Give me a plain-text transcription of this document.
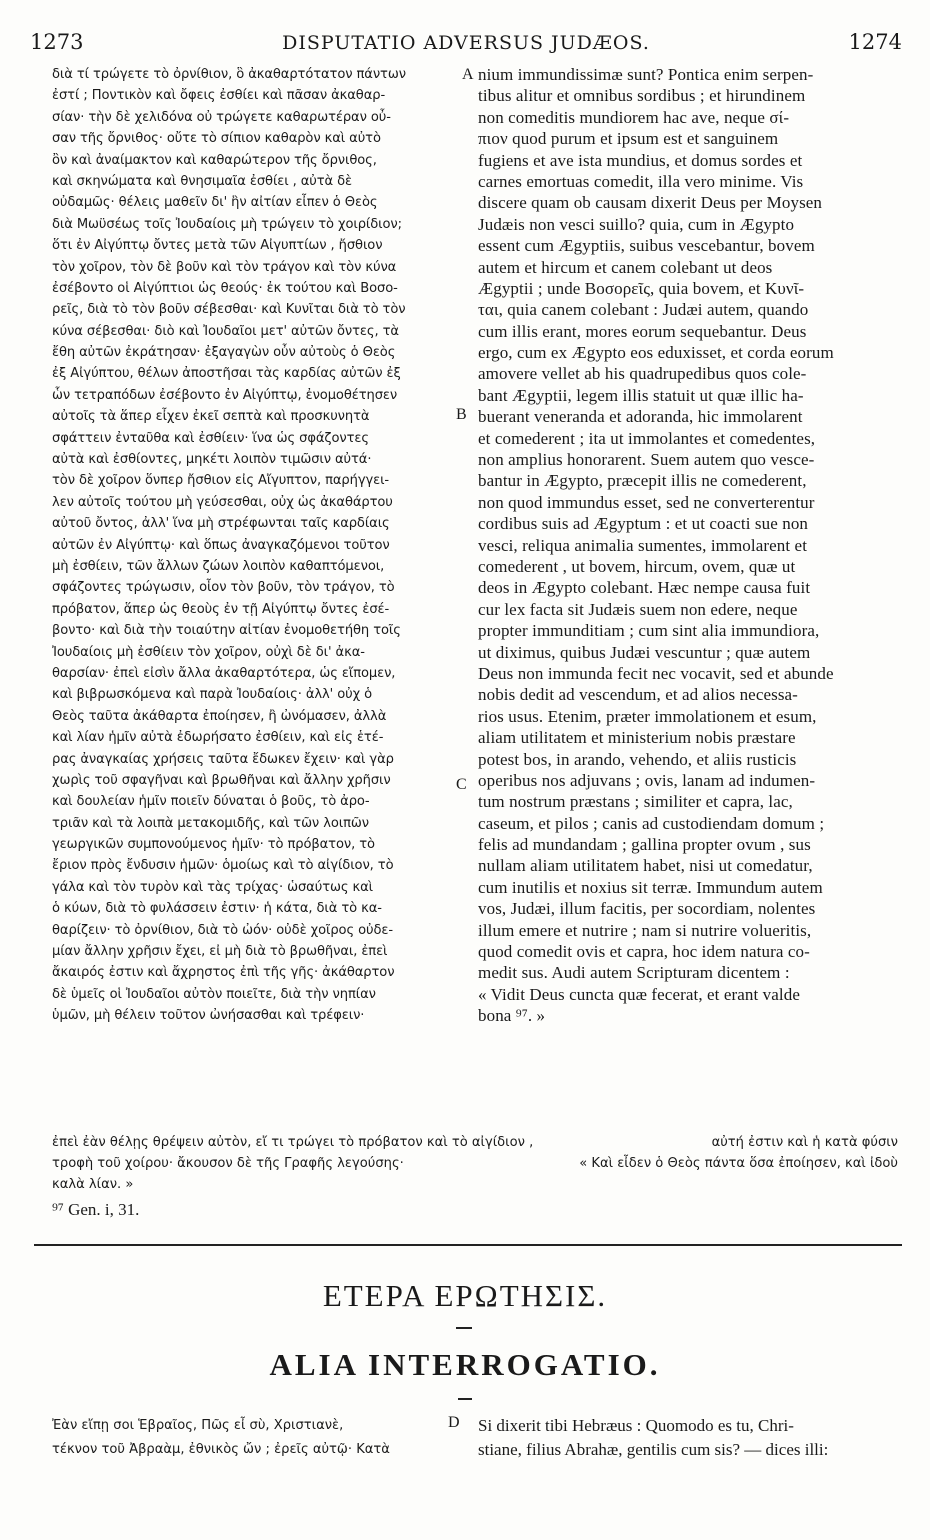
1273	DISPUTATIO ADVERSUS JUDÆOS.	1274
διὰ τί τρώγετε τὸ ὀρνίθιον, ὃ ἀκαθαρτότατον πάντων
ἐστί ; Ποντικὸν καὶ ὄφεις ἐσθίει καὶ πᾶσαν ἀκαθαρ-
σίαν· τὴν δὲ χελιδόνα οὐ τρώγετε καθαρωτέραν οὖ-
σαν τῆς ὄρνιθος· οὔτε τὸ σίπιον καθαρὸν καὶ αὐτὸ
ὂν καὶ ἀναίμακτον καὶ καθαρώτερον τῆς ὄρνιθος,
καὶ σκηνώματα καὶ θνησιμαῖα ἐσθίει , αὐτὰ δὲ
οὐδαμῶς· θέλεις μαθεῖν δι' ἣν αἰτίαν εἶπεν ὁ Θεὸς
διὰ Μωϋσέως τοῖς Ἰουδαίοις μὴ τρώγειν τὸ χοιρίδιον;
ὅτι ἐν Αἰγύπτῳ ὄντες μετὰ τῶν Αἰγυπτίων , ἤσθιον
τὸν χοῖρον, τὸν δὲ βοῦν καὶ τὸν τράγον καὶ τὸν κύνα
ἐσέβοντο οἱ Αἰγύπτιοι ὡς θεούς· ἐκ τούτου καὶ Βοσο-
ρεῖς, διὰ τὸ τὸν βοῦν σέβεσθαι· καὶ Κυνῖται διὰ τὸ τὸν
κύνα σέβεσθαι· διὸ καὶ Ἰουδαῖοι μετ' αὐτῶν ὄντες, τὰ
ἔθη αὐτῶν ἐκράτησαν· ἐξαγαγὼν οὖν αὐτοὺς ὁ Θεὸς
ἐξ Αἰγύπτου, θέλων ἀποστῆσαι τὰς καρδίας αὐτῶν ἐξ
ὧν τετραπόδων ἐσέβοντο ἐν Αἰγύπτῳ, ἐνομοθέτησεν
αὐτοῖς τὰ ἅπερ εἶχεν ἐκεῖ σεπτὰ καὶ προσκυνητὰ
σφάττειν ἐνταῦθα καὶ ἐσθίειν· ἵνα ὡς σφάζοντες
αὐτὰ καὶ ἐσθίοντες, μηκέτι λοιπὸν τιμῶσιν αὐτά·
τὸν δὲ χοῖρον ὅνπερ ἤσθιον εἰς Αἴγυπτον, παρήγγει-
λεν αὐτοῖς τούτου μὴ γεύσεσθαι, οὐχ ὡς ἀκαθάρτου
αὐτοῦ ὄντος, ἀλλ' ἵνα μὴ στρέφωνται ταῖς καρδίαις
αὐτῶν ἐν Αἰγύπτῳ· καὶ ὅπως ἀναγκαζόμενοι τοῦτον
μὴ ἐσθίειν, τῶν ἄλλων ζώων λοιπὸν καθαπτόμενοι,
σφάζοντες τρώγωσιν, οἷον τὸν βοῦν, τὸν τράγον, τὸ
πρόβατον, ἅπερ ὡς θεοὺς ἐν τῇ Αἰγύπτῳ ὄντες ἐσέ-
βοντο· καὶ διὰ τὴν τοιαύτην αἰτίαν ἐνομοθετήθη τοῖς
Ἰουδαίοις μὴ ἐσθίειν τὸν χοῖρον, οὐχὶ δὲ δι' ἀκα-
θαρσίαν· ἐπεὶ εἰσὶν ἄλλα ἀκαθαρτότερα, ὡς εἴπομεν,
καὶ βιβρωσκόμενα καὶ παρὰ Ἰουδαίοις· ἀλλ' οὐχ ὁ
Θεὸς ταῦτα ἀκάθαρτα ἐποίησεν, ἢ ὠνόμασεν, ἀλλὰ
καὶ λίαν ἡμῖν αὐτὰ ἐδωρήσατο ἐσθίειν, καὶ εἰς ἑτέ-
ρας ἀναγκαίας χρήσεις ταῦτα ἔδωκεν ἔχειν· καὶ γὰρ
χωρὶς τοῦ σφαγῆναι καὶ βρωθῆναι καὶ ἄλλην χρῆσιν
καὶ δουλείαν ἡμῖν ποιεῖν δύναται ὁ βοῦς, τὸ ἀρο-
τριᾶν καὶ τὰ λοιπὰ μετακομιδῆς, καὶ τῶν λοιπῶν
γεωργικῶν συμπονούμενος ἡμῖν· τὸ πρόβατον, τὸ
ἔριον πρὸς ἔνδυσιν ἡμῶν· ὁμοίως καὶ τὸ αἰγίδιον, τὸ
γάλα καὶ τὸν τυρὸν καὶ τὰς τρίχας· ὡσαύτως καὶ
ὁ κύων, διὰ τὸ φυλάσσειν ἐστιν· ἡ κάτα, διὰ τὸ κα-
θαρίζειν· τὸ ὀρνίθιον, διὰ τὸ ὠόν· οὐδὲ χοῖρος οὐδε-
μίαν ἄλλην χρῆσιν ἔχει, εἰ μὴ διὰ τὸ βρωθῆναι, ἐπεὶ
ἄκαιρός ἐστιν καὶ ἄχρηστος ἐπὶ τῆς γῆς· ἀκάθαρτον
δὲ ὑμεῖς οἱ Ἰουδαῖοι αὐτὸν ποιεῖτε, διὰ τὴν νηπίαν
ὑμῶν, μὴ θέλειν τοῦτον ὠνήσασθαι καὶ τρέφειν·
nium immundissimæ sunt? Pontica enim serpen-
tibus alitur et omnibus sordibus ; et hirundinem
non comeditis mundiorem hac ave, neque σί-
πιον quod purum et ipsum est et sanguinem
fugiens et ave ista mundius, et domus sordes et
carnes emortuas comedit, illa vero minime. Vis
discere quam ob causam dixerit Deus per Moysen
Judæis non vesci suillo? quia, cum in Ægypto
essent cum Ægyptiis, suibus vescebantur, bovem
autem et hircum et canem colebant ut deos
Ægyptii ; unde Βοσορεῖς, quia bovem, et Κυνῖ-
ται, quia canem colebant : Judæi autem, quando
cum illis erant, mores eorum sequebantur. Deus
ergo, cum ex Ægypto eos eduxisset, et corda eorum
amovere vellet ab his quadrupedibus quos cole-
bant Ægyptii, legem illis statuit ut quæ illic ha-
buerant veneranda et adoranda, hic immolarent
et comederent ; ita ut immolantes et comedentes,
non amplius honorarent. Suem autem quo vesce-
bantur in Ægypto, præcepit illis ne comederent,
non quod immundus esset, sed ne converterentur
cordibus suis ad Ægyptum : et ut coacti sue non
vesci, reliqua animalia sumentes, immolarent et
comederent , ut bovem, hircum, ovem, quæ ut
deos in Ægypto colebant. Hæc nempe causa fuit
cur lex facta sit Judæis suem non edere, neque
propter immunditiam ; cum sint alia immundiora,
ut diximus, quibus Judæi vescuntur ; quæ autem
Deus non immunda fecit nec vocavit, sed et abunde
nobis dedit ad vescendum, et ad alios necessa-
rios usus. Etenim, præter immolationem et esum,
aliam utilitatem et ministerium nobis præstare
potest bos, in arando, vehendo, et aliis rusticis
operibus nos adjuvans ; ovis, lanam ad indumen-
tum nostrum præstans ; similiter et capra, lac,
caseum, et pilos ; canis ad custodiendam domum ;
felis ad mundandam ; gallina propter ovum , sus
nullam aliam utilitatem habet, nisi ut comedatur,
cum inutilis et noxius sit terræ. Immundum autem
vos, Judæi, illum facitis, per socordiam, nolentes
illum emere et nutrire ; nam si nutrire volueritis,
quod comedit ovis et capra, hoc idem natura co-
medit sus. Audi autem Scripturam dicentem :
« Vidit Deus cuncta quæ fecerat, et erant valde
bona ⁹⁷. »
A
B
C
D
ἐπεὶ ἐὰν θέλῃς θρέψειν αὐτὸν, εἴ τι τρώγει τὸ πρόβατον καὶ τὸ αἰγίδιον ,	αὐτή ἐστιν καὶ ἡ κατὰ φύσιν
τροφὴ τοῦ χοίρου· ἄκουσον δὲ τῆς Γραφῆς λεγούσης·	« Καὶ εἶδεν ὁ Θεὸς πάντα ὅσα ἐποίησεν, καὶ ἰδοὺ
καλὰ λίαν. »
⁹⁷ Gen. i, 31.
ΕΤΕΡΑ ΕΡΩΤΗΣΙΣ.
ALIA INTERROGATIO.
Ἐὰν εἴπῃ σοι Ἑβραῖος, Πῶς εἶ σὺ, Χριστιανὲ,
τέκνον τοῦ Ἀβραὰμ, ἐθνικὸς ὤν ; ἐρεῖς αὐτῷ· Κατὰ
Si dixerit tibi Hebræus : Quomodo es tu, Chri-
stiane, filius Abrahæ, gentilis cum sis? — dices illi:
